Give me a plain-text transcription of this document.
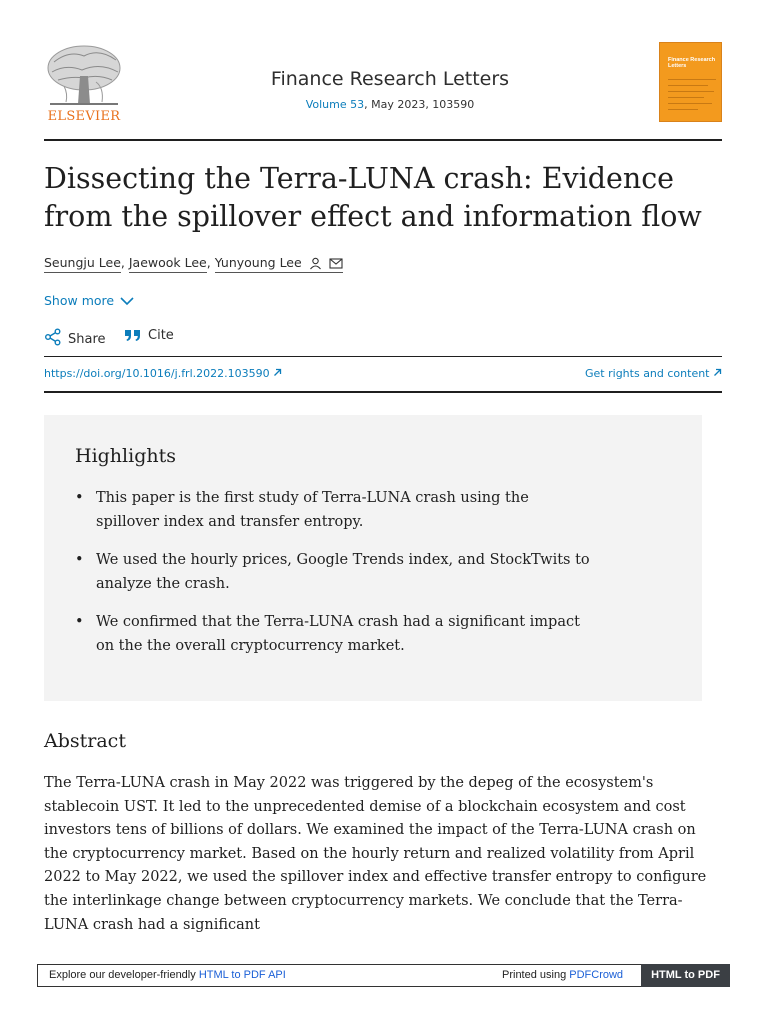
ELSEVIER
Finance Research Letters
Volume 53, May 2023, 103590
Finance Research Letters
Dissecting the Terra-LUNA crash: Evidence from the spillover effect and information flow
Seungju Lee, Jaewook Lee, Yunyoung Lee
Show more
Share	Cite
https://doi.org/10.1016/j.frl.2022.103590	Get rights and content
Highlights
• This paper is the first study of Terra-LUNA crash using the spillover index and transfer entropy.
• We used the hourly prices, Google Trends index, and StockTwits to analyze the crash.
• We confirmed that the Terra-LUNA crash had a significant impact on the the overall cryptocurrency market.
Abstract

The Terra-LUNA crash in May 2022 was triggered by the depeg of the ecosystem's stablecoin UST. It led to the unprecedented demise of a blockchain ecosystem and cost investors tens of billions of dollars. We examined the impact of the Terra-LUNA crash on the cryptocurrency market. Based on the hourly return and realized volatility from April 2022 to May 2022, we used the spillover index and effective transfer entropy to configure the interlinkage change between cryptocurrency markets. We conclude that the Terra-LUNA crash had a significant

Explore our developer-friendly HTML to PDF API	Printed using PDFCrowd	HTML to PDF
